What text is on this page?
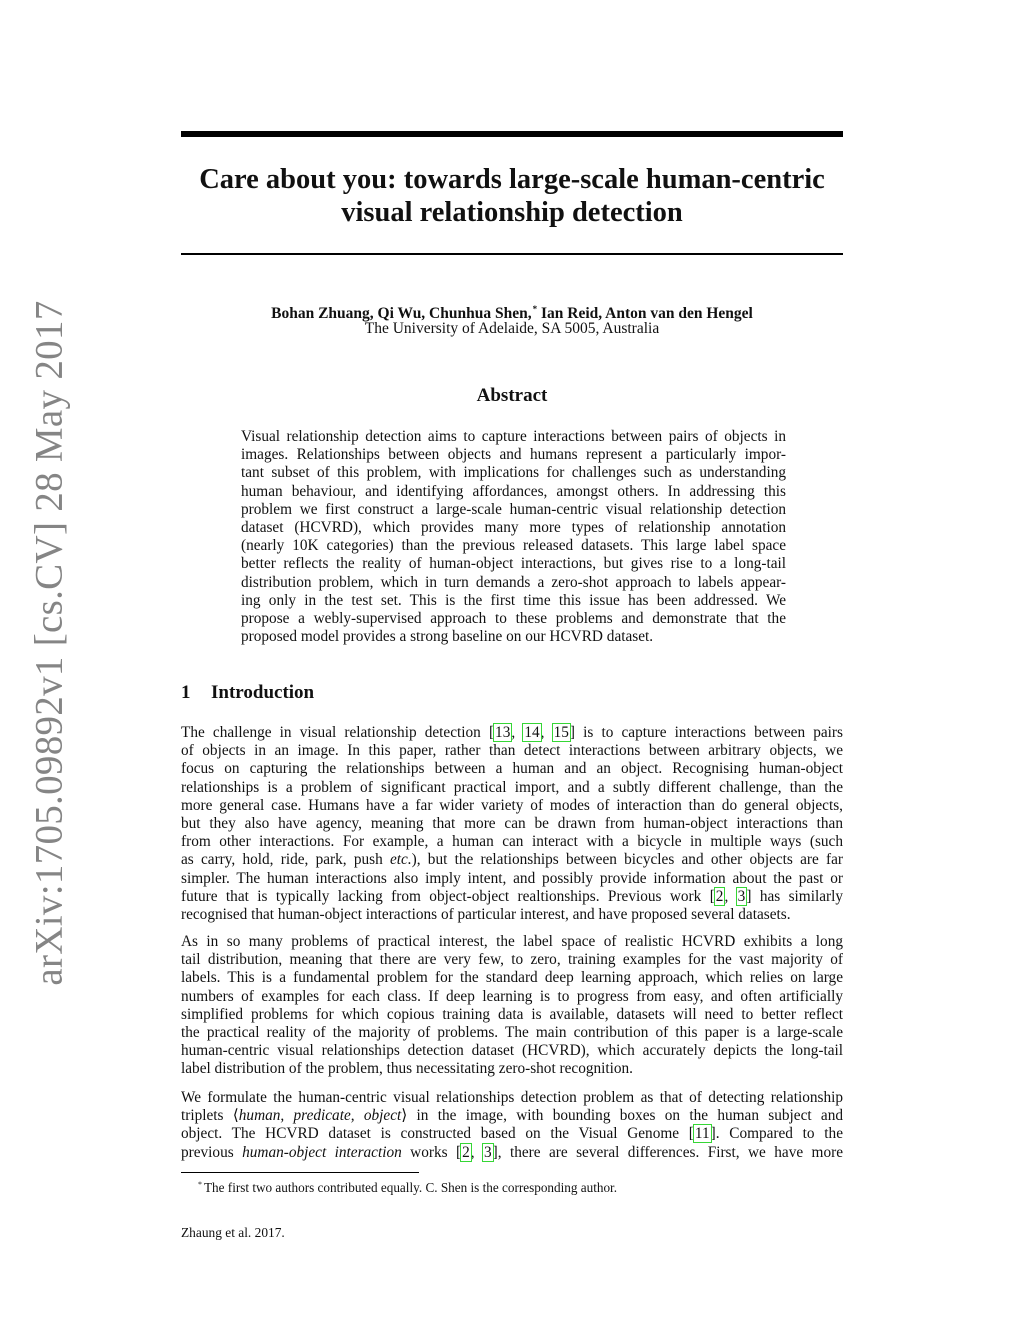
arXiv:1705.09892v1 [cs.CV] 28 May 2017
Care about you: towards large-scale human-centric
visual relationship detection
Bohan Zhuang, Qi Wu, Chunhua Shen,* Ian Reid, Anton van den Hengel
The University of Adelaide, SA 5005, Australia
Abstract
Visual relationship detection aims to capture interactions between pairs of objects in
images. Relationships between objects and humans represent a particularly impor-
tant subset of this problem, with implications for challenges such as understanding
human behaviour, and identifying affordances, amongst others. In addressing this
problem we first construct a large-scale human-centric visual relationship detection
dataset (HCVRD), which provides many more types of relationship annotation
(nearly 10K categories) than the previous released datasets. This large label space
better reflects the reality of human-object interactions, but gives rise to a long-tail
distribution problem, which in turn demands a zero-shot approach to labels appear-
ing only in the test set. This is the first time this issue has been addressed. We
propose a webly-supervised approach to these problems and demonstrate that the
proposed model provides a strong baseline on our HCVRD dataset.
1 Introduction
The challenge in visual relationship detection [13, 14, 15] is to capture interactions between pairs
of objects in an image. In this paper, rather than detect interactions between arbitrary objects, we
focus on capturing the relationships between a human and an object. Recognising human-object
relationships is a problem of significant practical import, and a subtly different challenge, than the
more general case. Humans have a far wider variety of modes of interaction than do general objects,
but they also have agency, meaning that more can be drawn from human-object interactions than
from other interactions. For example, a human can interact with a bicycle in multiple ways (such
as carry, hold, ride, park, push etc.), but the relationships between bicycles and other objects are far
simpler. The human interactions also imply intent, and possibly provide information about the past or
future that is typically lacking from object-object realtionships. Previous work [2, 3] has similarly
recognised that human-object interactions of particular interest, and have proposed several datasets.
As in so many problems of practical interest, the label space of realistic HCVRD exhibits a long
tail distribution, meaning that there are very few, to zero, training examples for the vast majority of
labels. This is a fundamental problem for the standard deep learning approach, which relies on large
numbers of examples for each class. If deep learning is to progress from easy, and often artificially
simplified problems for which copious training data is available, datasets will need to better reflect
the practical reality of the majority of problems. The main contribution of this paper is a large-scale
human-centric visual relationships detection dataset (HCVRD), which accurately depicts the long-tail
label distribution of the problem, thus necessitating zero-shot recognition.
We formulate the human-centric visual relationships detection problem as that of detecting relationship
triplets ⟨human, predicate, object⟩ in the image, with bounding boxes on the human subject and
object. The HCVRD dataset is constructed based on the Visual Genome [11]. Compared to the
previous human-object interaction works [2, 3], there are several differences. First, we have more
* The first two authors contributed equally. C. Shen is the corresponding author.
Zhaung et al. 2017.
